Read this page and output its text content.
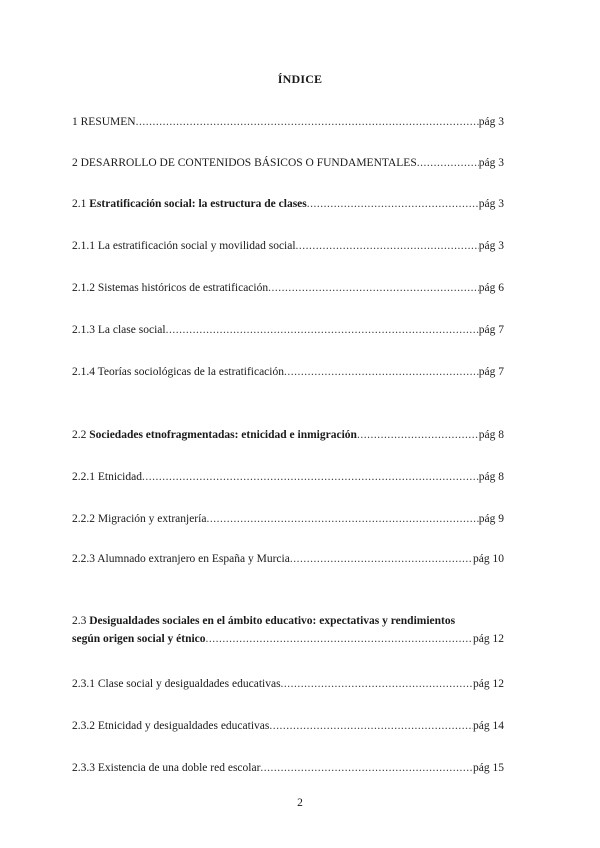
ÍNDICE
1 RESUMEN .....	pág 3
2 DESARROLLO DE CONTENIDOS BÁSICOS O FUNDAMENTALES .....	pág 3
2.1 Estratificación social: la estructura de clases .....	pág 3
2.1.1 La estratificación social y movilidad social .....	pág 3
2.1.2 Sistemas históricos de estratificación .....	pág 6
2.1.3 La clase social .....	pág 7
2.1.4 Teorías sociológicas de la estratificación .....	pág 7
2.2 Sociedades etnofragmentadas: etnicidad e inmigración .....	pág 8
2.2.1 Etnicidad .....	pág 8
2.2.2 Migración y extranjería .....	pág 9
2.2.3 Alumnado extranjero en España y Murcia .....	pág 10
2.3 Desigualdades sociales en el ámbito educativo: expectativas y rendimientos
según origen social y étnico .....	pág 12
2.3.1 Clase social y desigualdades educativas .....	pág 12
2.3.2 Etnicidad y desigualdades educativas .....	pág 14
2.3.3 Existencia de una doble red escolar .....	pág 15
2
